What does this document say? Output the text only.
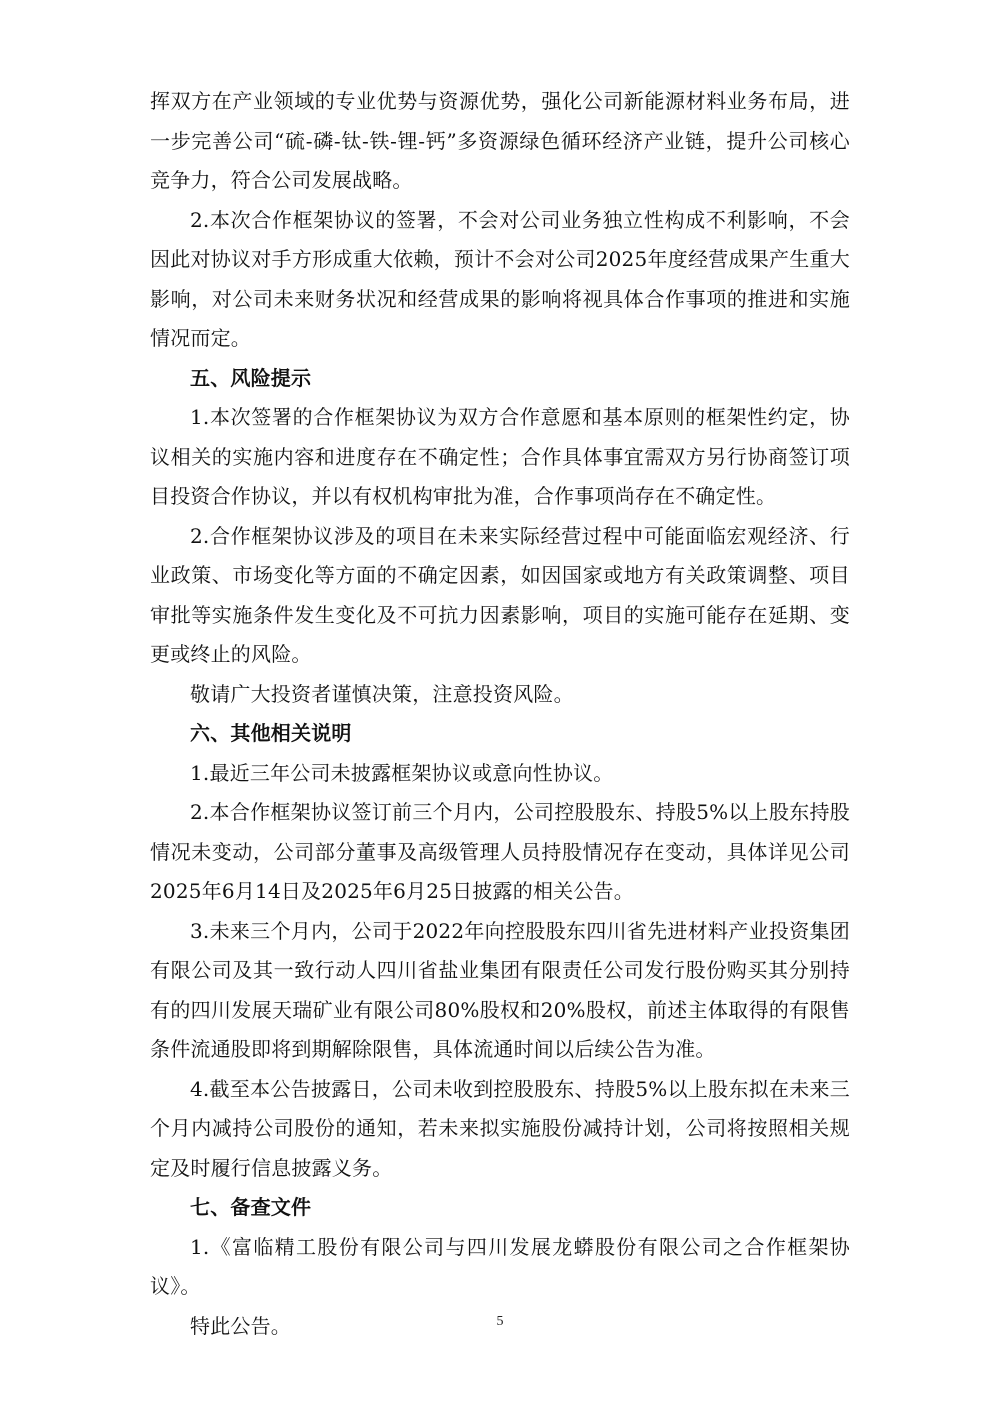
挥双方在产业领域的专业优势与资源优势，强化公司新能源材料业务布局，进一步完善公司“硫-磷-钛-铁-锂-钙”多资源绿色循环经济产业链，提升公司核心竞争力，符合公司发展战略。

2.本次合作框架协议的签署，不会对公司业务独立性构成不利影响，不会因此对协议对手方形成重大依赖，预计不会对公司2025年度经营成果产生重大影响，对公司未来财务状况和经营成果的影响将视具体合作事项的推进和实施情况而定。

五、风险提示

1.本次签署的合作框架协议为双方合作意愿和基本原则的框架性约定，协议相关的实施内容和进度存在不确定性；合作具体事宜需双方另行协商签订项目投资合作协议，并以有权机构审批为准，合作事项尚存在不确定性。

2.合作框架协议涉及的项目在未来实际经营过程中可能面临宏观经济、行业政策、市场变化等方面的不确定因素，如因国家或地方有关政策调整、项目审批等实施条件发生变化及不可抗力因素影响，项目的实施可能存在延期、变更或终止的风险。

敬请广大投资者谨慎决策，注意投资风险。

六、其他相关说明

1.最近三年公司未披露框架协议或意向性协议。

2.本合作框架协议签订前三个月内，公司控股股东、持股5%以上股东持股情况未变动，公司部分董事及高级管理人员持股情况存在变动，具体详见公司2025年6月14日及2025年6月25日披露的相关公告。

3.未来三个月内，公司于2022年向控股股东四川省先进材料产业投资集团有限公司及其一致行动人四川省盐业集团有限责任公司发行股份购买其分别持有的四川发展天瑞矿业有限公司80%股权和20%股权，前述主体取得的有限售条件流通股即将到期解除限售，具体流通时间以后续公告为准。

4.截至本公告披露日，公司未收到控股股东、持股5%以上股东拟在未来三个月内减持公司股份的通知，若未来拟实施股份减持计划，公司将按照相关规定及时履行信息披露义务。

七、备查文件

1.《富临精工股份有限公司与四川发展龙蟒股份有限公司之合作框架协议》。

特此公告。	5
